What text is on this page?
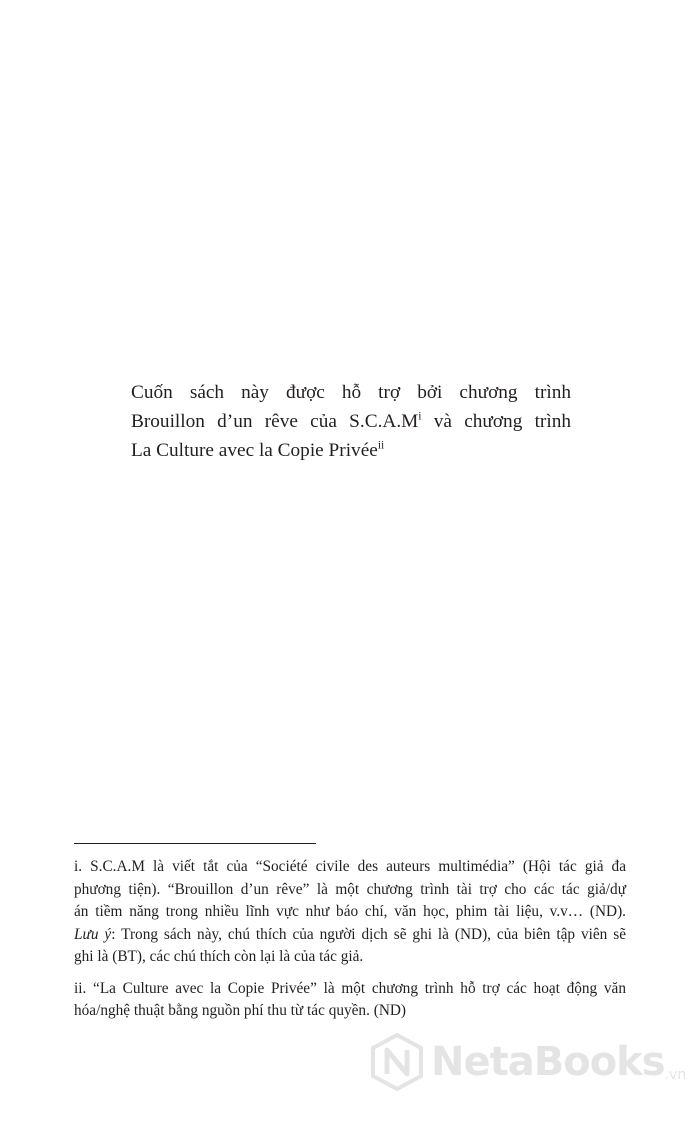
Cuốn sách này được hỗ trợ bởi chương trình
Brouillon d’un rêve của $S.C.A.M^i$ và chương trình
La Culture avec la Copie Privée$^{ii}$
i. S.C.A.M là viết tắt của “Société civile des auteurs multimédia” (Hội tác giả đa
phương tiện). “Brouillon d’un rêve” là một chương trình tài trợ cho các tác giả/dự
án tiềm năng trong nhiều lĩnh vực như báo chí, văn học, phim tài liệu, v.v… (ND).
Lưu ý: Trong sách này, chú thích của người dịch sẽ ghi là (ND), của biên tập viên sẽ
ghi là (BT), các chú thích còn lại là của tác giả.
ii. “La Culture avec la Copie Privée” là một chương trình hỗ trợ các hoạt động văn
hóa/nghệ thuật bằng nguồn phí thu từ tác quyền. (ND)
NetaBooks .vn
